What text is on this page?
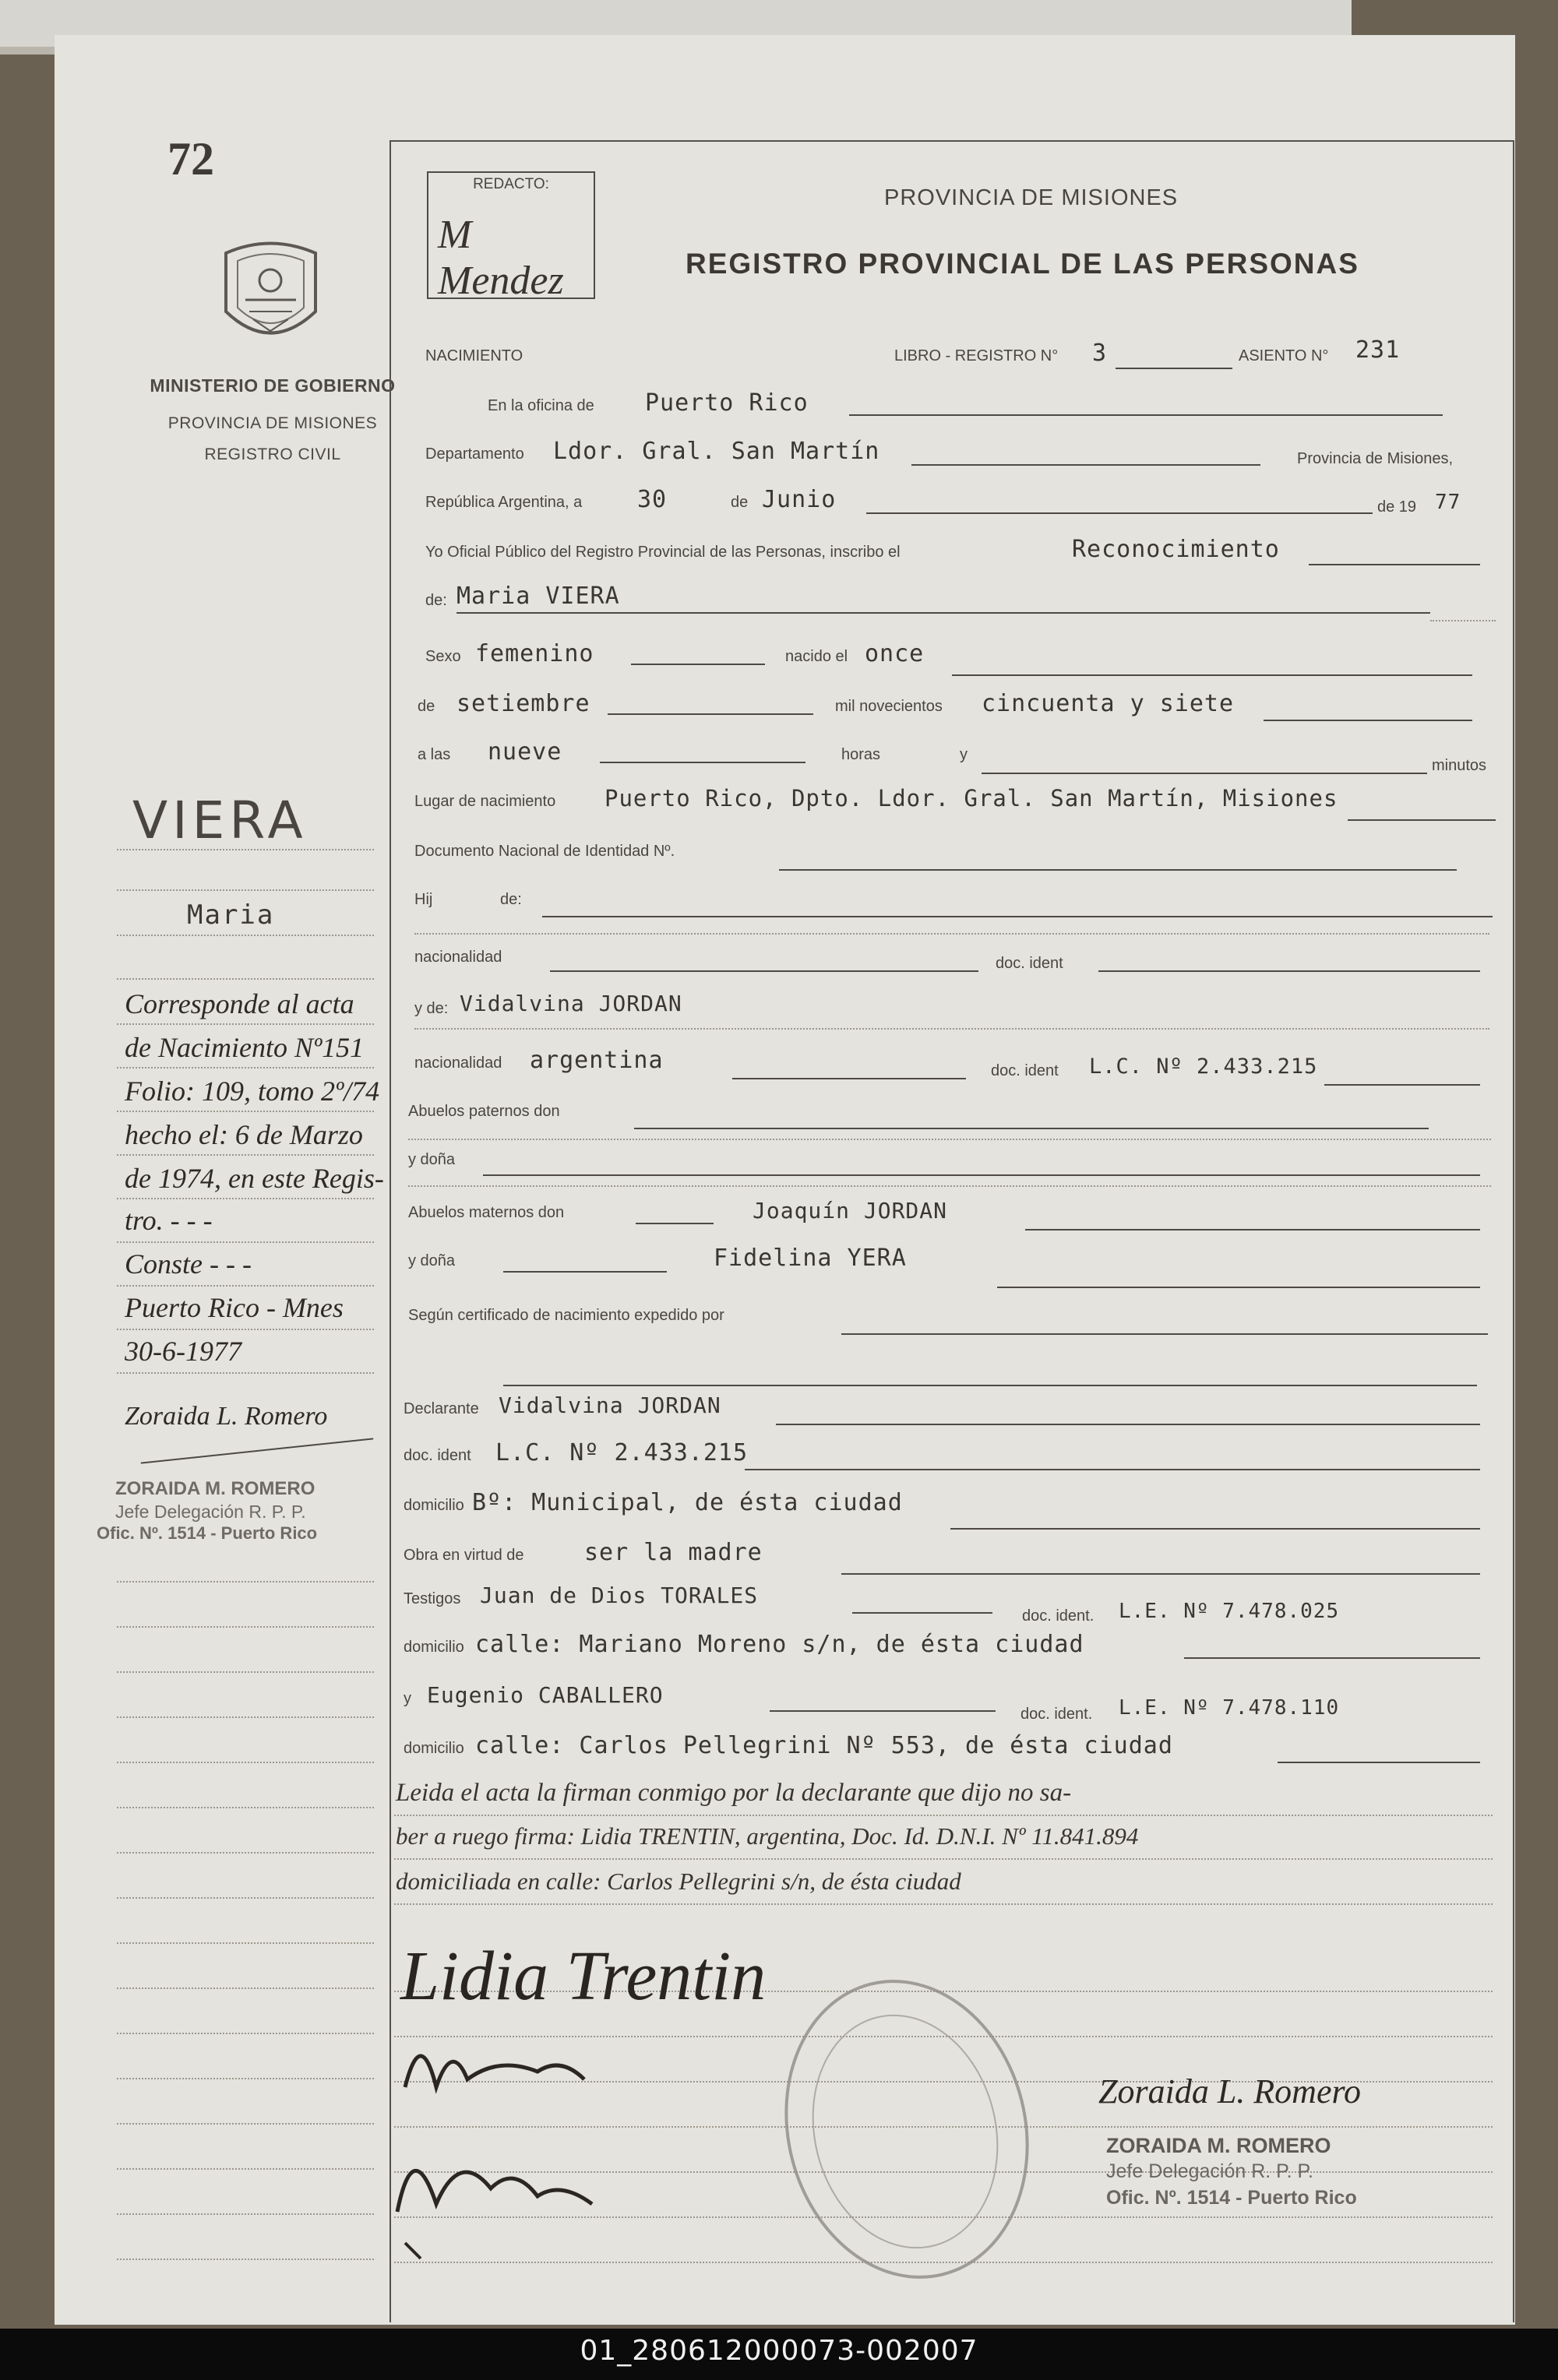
72
MINISTERIO DE GOBIERNO
PROVINCIA DE MISIONES
REGISTRO CIVIL
REDACTO:
M Mendez
PROVINCIA DE MISIONES
REGISTRO PROVINCIAL DE LAS PERSONAS
NACIMIENTO	LIBRO - REGISTRO N° 3	ASIENTO N° 231
En la oficina de Puerto Rico
Departamento Ldor. Gral. San Martín	Provincia de Misiones,
República Argentina, a 30	de Junio	de 19 77
Yo Oficial Público del Registro Provincial de las Personas, inscribo el	Reconocimiento
de: Maria VIERA
Sexo femenino	nacido el once
de setiembre	mil novecientos cincuenta y siete
a las nueve	horas	y
minutos
Lugar de nacimiento Puerto Rico, Dpto. Ldor. Gral. San Martín, Misiones
Documento Nacional de Identidad Nº.
Hij	de:
nacionalidad	doc. ident
y de: Vidalvina JORDAN
nacionalidad argentina	doc. ident L.C. Nº 2.433.215
Abuelos paternos don
y doña
Abuelos maternos don	Joaquín JORDAN
y doña	Fidelina YERA
Según certificado de nacimiento expedido por
Declarante Vidalvina JORDAN
doc. ident L.C. Nº 2.433.215
domicilio Bº: Municipal, de ésta ciudad
Obra en virtud de	ser la madre
Testigos Juan de Dios TORALES
doc. ident. L.E. Nº 7.478.025
domicilio calle: Mariano Moreno s/n, de ésta ciudad
y Eugenio CABALLERO
doc. ident. L.E. Nº 7.478.110
domicilio calle: Carlos Pellegrini Nº 553, de ésta ciudad
Leida el acta la firman conmigo por la declarante que dijo no sa-
ber a ruego firma: Lidia TRENTIN, argentina, Doc. Id. D.N.I. Nº 11.841.894
domiciliada en calle: Carlos Pellegrini s/n, de ésta ciudad
Lidia Trentin
Zoraida L. Romero
ZORAIDA M. ROMERO
Jefe Delegación R. P. P.
Ofic. Nº. 1514 - Puerto Rico
VIERA
Maria
Corresponde al acta
de Nacimiento Nº151
Folio: 109, tomo 2º/74
hecho el: 6 de Marzo
de 1974, en este Regis-
tro. - - -
Conste - - -
Puerto Rico - Mnes
30-6-1977
Zoraida L. Romero
ZORAIDA M. ROMERO
Jefe Delegación R. P. P.
Ofic. Nº. 1514 - Puerto Rico
01_280612000073-002007
